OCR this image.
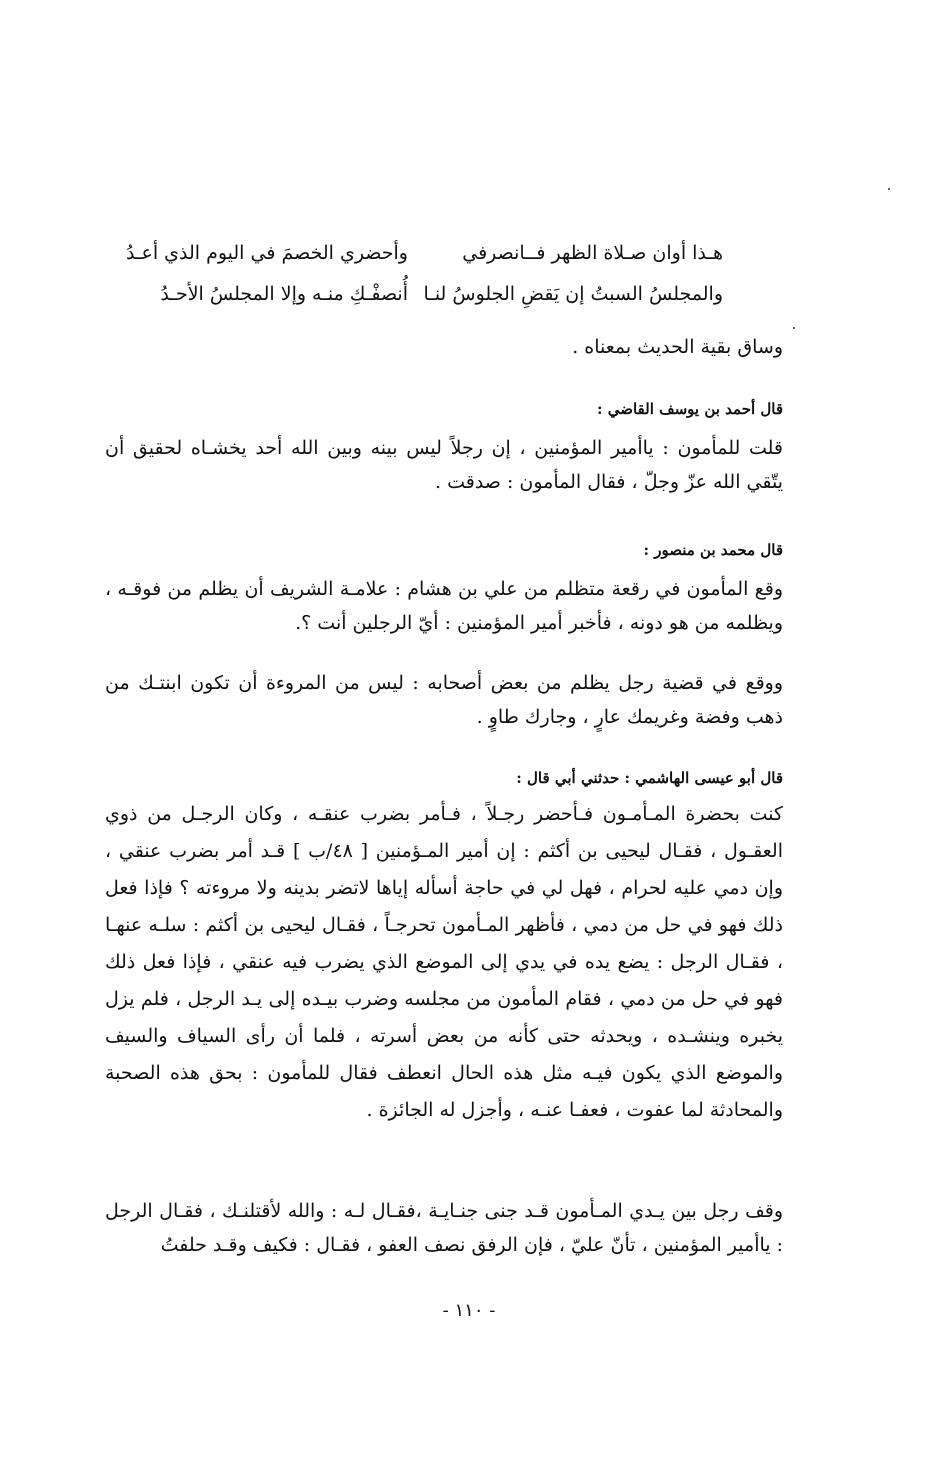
هـذا أوان صـلاة الظهر فــانصرفي
وأحضري الخصمَ في اليوم الذي أعـدُ
والمجلسُ السبتُ إن يَقضِ الجلوسُ لنـا
أُنصفْـكِ منـه وإلا المجلسُ الأحـدُ
وساق بقية الحديث بمعناه .
قال أحمد بن يوسف القاضي :
قلت للمأمون : ياأمير المؤمنين ، إن رجلاً ليس بينه وبين الله أحد يخشـاه لحقيق أن يتّقي الله عزّ وجلّ ، فقال المأمون : صدقت .
قال محمد بن منصور :
وقع المأمون في رقعة متظلم من علي بن هشام : علامـة الشريف أن يظلم من فوقـه ، ويظلمه من هو دونه ، فأخبر أمير المؤمنين : أيّ الرجلين أنت ؟.
ووقع في قضية رجل يظلم من بعض أصحابه : ليس من المروءة أن تكون ابنتـك من ذهب وفضة وغريمك عارٍ ، وجارك طاوٍ .
قال أبو عيسى الهاشمي : حدثني أبي قال :
كنت بحضرة المـأمـون فـأحضر رجـلاً ، فـأمر بضرب عنقـه ، وكان الرجـل من ذوي العقـول ، فقـال ليحيى بن أكثم : إن أمير المـؤمنين [ ٤٨/ب ] قـد أمر بضرب عنقي ، وإن دمي عليه لحرام ، فهل لي في حاجة أسأله إياها لاتضر بدينه ولا مروءته ؟ فإذا فعل ذلك فهو في حل من دمي ، فأظهر المـأمون تحرجـاً ، فقـال ليحيى بن أكثم : سلـه عنهـا ، فقـال الرجل : يضع يده في يدي إلى الموضع الذي يضرب فيه عنقي ، فإذا فعل ذلك فهو في حل من دمي ، فقام المأمون من مجلسه وضرب بيـده إلى يـد الرجل ، فلم يزل يخبره وينشـده ، ويحدثه حتى كأنه من بعض أسرته ، فلما أن رأى السياف والسيف والموضع الذي يكون فيـه مثل هذه الحال انعطف فقال للمأمون : بحق هذه الصحبة والمحادثة لما عفوت ، فعفـا عنـه ، وأجزل له الجائزة .
وقف رجل بين يـدي المـأمون قـد جنى جنـايـة ،فقـال لـه : والله لأقتلنـك ، فقـال الرجل : ياأمير المؤمنين ، تأنّ عليّ ، فإن الرفق نصف العفو ، فقـال : فكيف وقـد حلفتُ
- ١١٠ -
